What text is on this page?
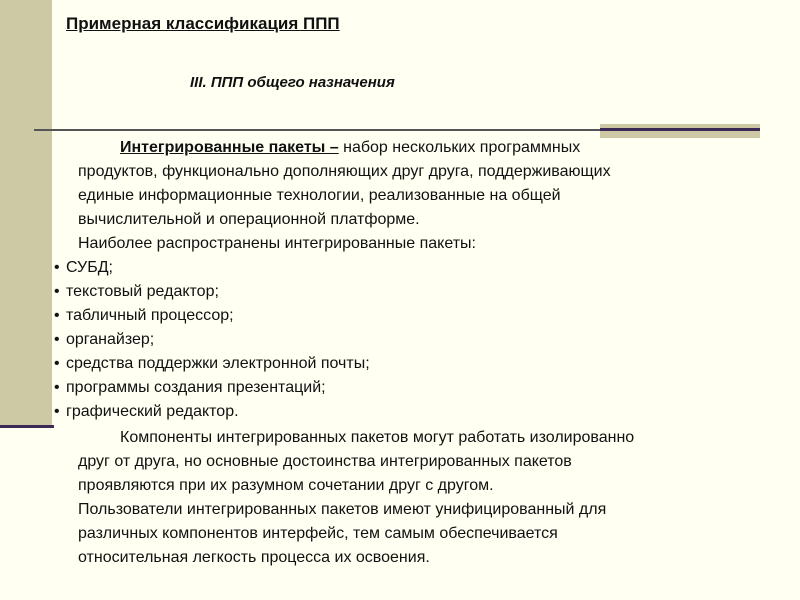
Примерная классификация ППП
III. ППП общего назначения
Интегрированные пакеты – набор нескольких программных
продуктов, функционально дополняющих друг друга, поддерживающих
единые информационные технологии, реализованные на общей
вычислительной и операционной платформе.
Наиболее распространены интегрированные пакеты:
• СУБД;
• текстовый редактор;
• табличный процессор;
• органайзер;
• средства поддержки электронной почты;
• программы создания презентаций;
• графический редактор.
Компоненты интегрированных пакетов могут работать изолированно
друг от друга, но основные достоинства интегрированных пакетов
проявляются при их разумном сочетании друг с другом.
Пользователи интегрированных пакетов имеют унифицированный для
различных компонентов интерфейс, тем самым обеспечивается
относительная легкость процесса их освоения.
